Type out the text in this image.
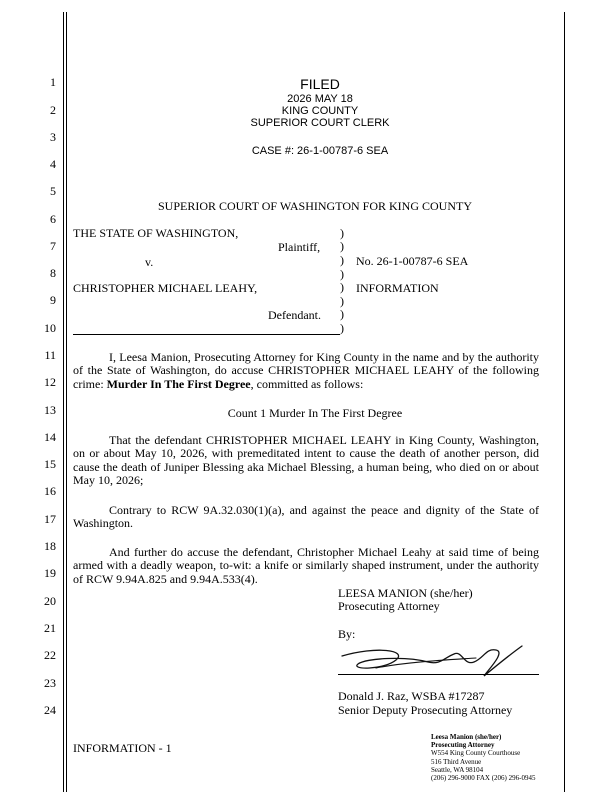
1
2
3
4
5
6
7
8
9
10
11
12
13
14
15
16
17
18
19
20
21
22
23
24
FILED
2026 MAY 18
KING COUNTY
SUPERIOR COURT CLERK
CASE #: 26-1-00787-6 SEA
SUPERIOR COURT OF WASHINGTON FOR KING COUNTY
THE STATE OF WASHINGTON,
Plaintiff,
v.
CHRISTOPHER MICHAEL LEAHY,
Defendant.
)
)
)
)
)
)
)
)
No. 26-1-00787-6 SEA
INFORMATION
I, Leesa Manion, Prosecuting Attorney for King County in the name and by the authority of the State of Washington, do accuse CHRISTOPHER MICHAEL LEAHY of the following crime: Murder In The First Degree, committed as follows:
Count 1 Murder In The First Degree
That the defendant CHRISTOPHER MICHAEL LEAHY in King County, Washington, on or about May 10, 2026, with premeditated intent to cause the death of another person, did cause the death of Juniper Blessing aka Michael Blessing, a human being, who died on or about May 10, 2026;
Contrary to RCW 9A.32.030(1)(a), and against the peace and dignity of the State of Washington.
And further do accuse the defendant, Christopher Michael Leahy at said time of being armed with a deadly weapon, to-wit: a knife or similarly shaped instrument, under the authority of RCW 9.94A.825 and 9.94A.533(4).
LEESA MANION (she/her)
Prosecuting Attorney
By:
Donald J. Raz, WSBA #17287
Senior Deputy Prosecuting Attorney
INFORMATION - 1
Leesa Manion (she/her)
Prosecuting Attorney
W554 King County Courthouse
516 Third Avenue
Seattle, WA 98104
(206) 296-9000 FAX (206) 296-0945
